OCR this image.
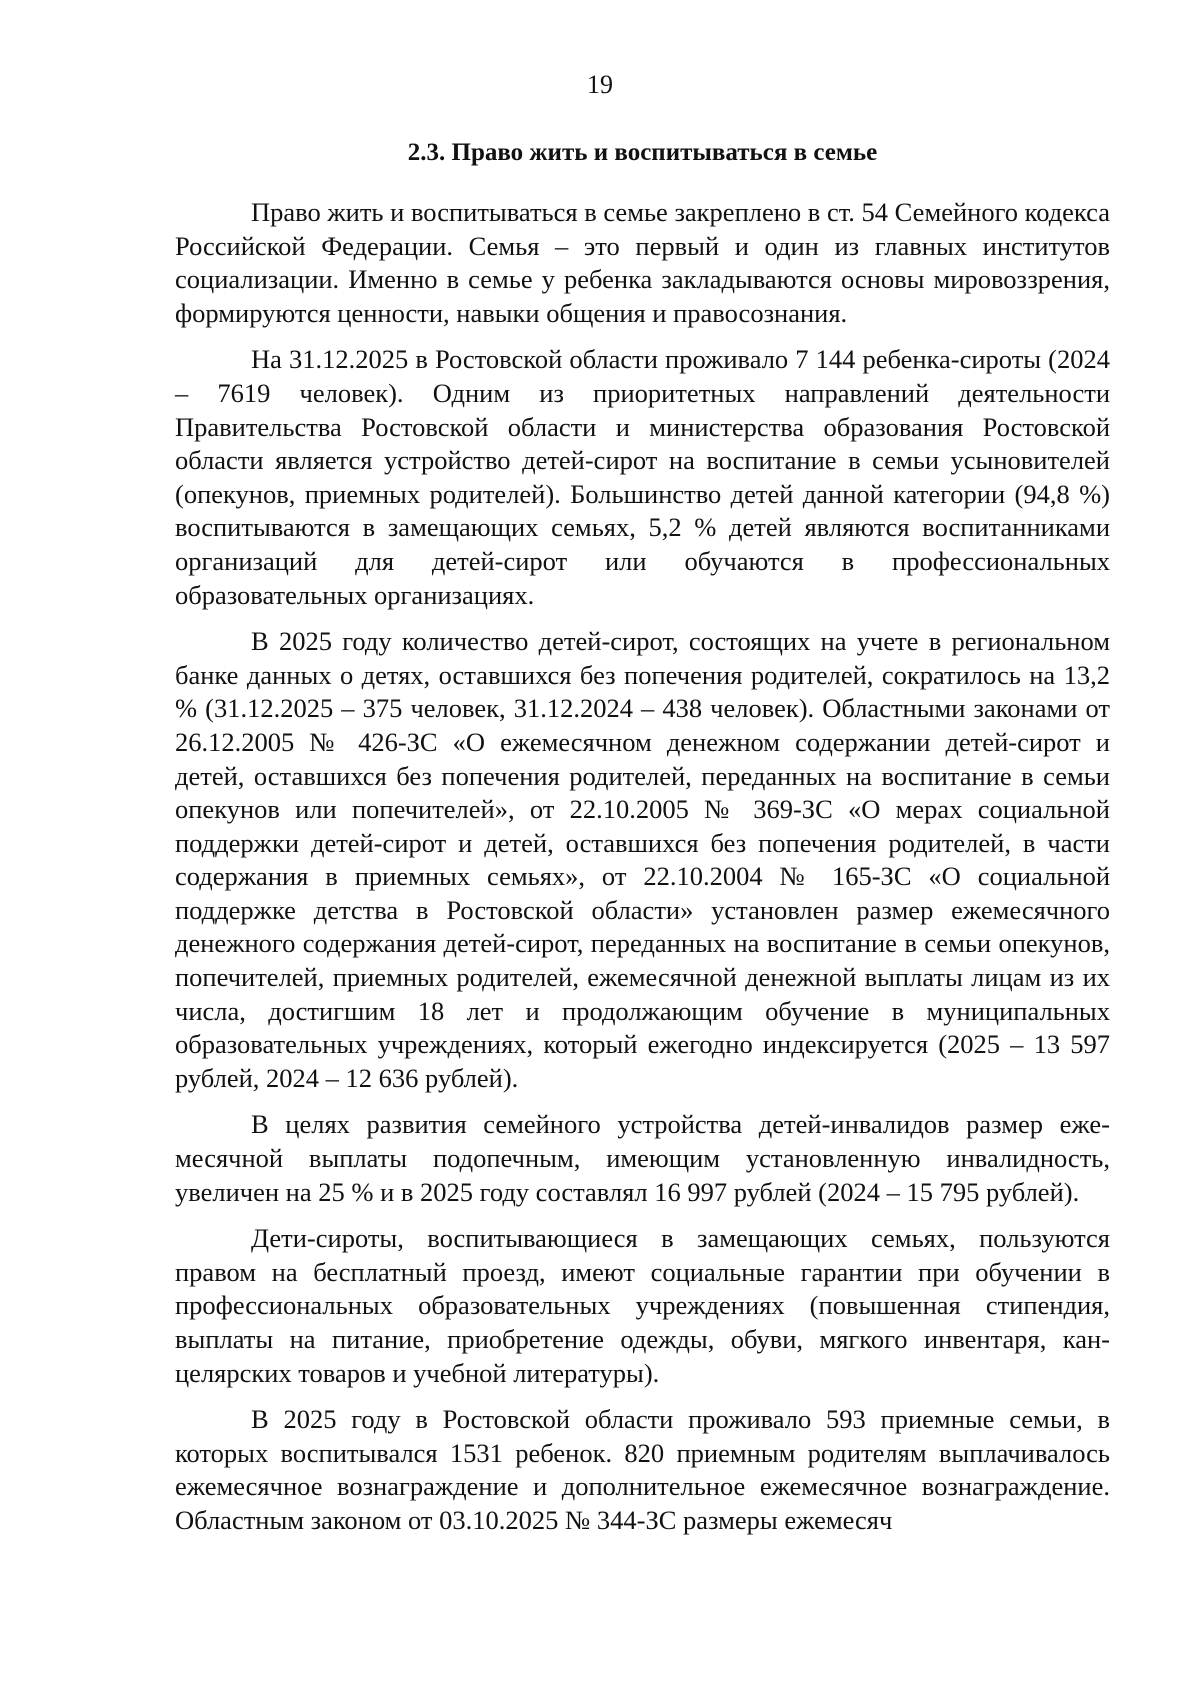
19
2.3. Право жить и воспитываться в семье

Право жить и воспитываться в семье закреплено в ст. 54 Семейного кодекса Российской Федерации. Семья – это первый и один из главных институтов социализации. Именно в семье у ребенка закладываются основы мировоззрения, формируются ценности, навыки общения и правосознания.

На 31.12.2025 в Ростовской области проживало 7 144 ребенка-сироты (2024 – 7619 человек). Одним из приоритетных направлений деятельности Правительства Ростовской области и министерства образования Ростовской области является устройство детей-сирот на воспитание в семьи усыновителей (опекунов, приемных родителей). Большинство детей данной категории (94,8 %) воспитываются в замещающих семьях, 5,2 % детей являются воспитанниками организаций для детей-сирот или обучаются в профессиональных образовательных организациях.

В 2025 году количество детей-сирот, состоящих на учете в региональном банке данных о детях, оставшихся без попечения родителей, сократилось на 13,2 % (31.12.2025 – 375 человек, 31.12.2024 – 438 человек). Областными законами от 26.12.2005 № 426-ЗС «О ежемесячном денежном содержании детей-сирот и детей, оставшихся без попечения родителей, переданных на воспитание в семьи опекунов или попечителей», от 22.10.2005 № 369-ЗС «О мерах социальной поддержки детей-сирот и детей, оставшихся без попечения родителей, в части содержания в приемных семьях», от 22.10.2004 № 165-ЗС «О социальной поддержке детства в Ростовской области» установлен размер ежемесячного денежного содержания детей-сирот, переданных на воспитание в семьи опекунов, попечителей, приемных родителей, ежемесячной денежной выплаты лицам из их числа, достигшим 18 лет и продолжающим обучение в муниципальных образовательных учреждениях, который ежегодно индексируется (2025 – 13 597 рублей, 2024 – 12 636 рублей).

В целях развития семейного устройства детей-инвалидов размер ежемесячной выплаты подопечным, имеющим установленную инвалидность, увеличен на 25 % и в 2025 году составлял 16 997 рублей (2024 – 15 795 рублей).

Дети-сироты, воспитывающиеся в замещающих семьях, пользуются правом на бесплатный проезд, имеют социальные гарантии при обучении в профессиональных образовательных учреждениях (повышенная стипендия, выплаты на питание, приобретение одежды, обуви, мягкого инвентаря, канцелярских товаров и учебной литературы).

В 2025 году в Ростовской области проживало 593 приемные семьи, в которых воспитывался 1531 ребенок. 820 приемным родителям выплачивалось ежемесячное вознаграждение и дополнительное ежемесячное вознаграждение. Областным законом от 03.10.2025 № 344-ЗС размеры ежемесяч
